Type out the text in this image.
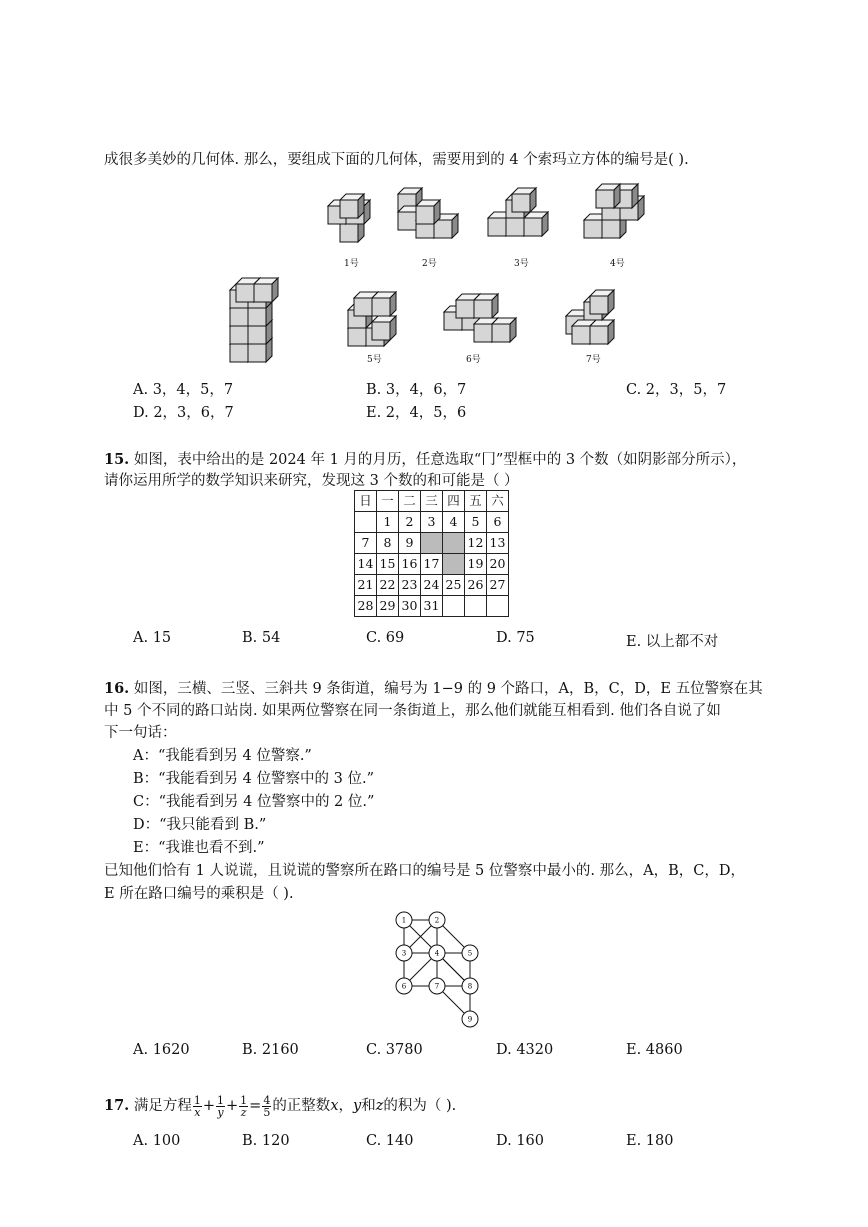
成很多美妙的几何体. 那么，要组成下面的几何体，需要用到的 4 个索玛立方体的编号是( ).
1号	2号	3号	4号
5号	6号	7号
A. 3，4，5，7	B. 3，4，6，7	C. 2，3，5，7
D. 2，3，6，7	E. 2，4，5，6
15. 如图，表中给出的是 2024 年 1 月的月历，任意选取“冂”型框中的 3 个数（如阴影部分所示），
请你运用所学的数学知识来研究，发现这 3 个数的和可能是（ ）
日	一	二	三	四	五	六
	1	2	3	4	5	6
7	8	9			12	13
14	15	16	17		19	20
21	22	23	24	25	26	27
28	29	30	31			
A. 15	B. 54	C. 69	D. 75	E. 以上都不对
16. 如图，三横、三竖、三斜共 9 条街道，编号为 1−9 的 9 个路口，A，B，C，D，E 五位警察在其
中 5 个不同的路口站岗. 如果两位警察在同一条街道上，那么他们就能互相看到. 他们各自说了如
下一句话：
A：“我能看到另 4 位警察.”
B：“我能看到另 4 位警察中的 3 位.”
C：“我能看到另 4 位警察中的 2 位.”
D：“我只能看到 B.”
E：“我谁也看不到.”
已知他们恰有 1 人说谎，且说谎的警察所在路口的编号是 5 位警察中最小的. 那么，A，B，C，D，
E 所在路口编号的乘积是（ ).
1	2
3	4	5
6	7	8
9
A. 1620	B. 2160	C. 3780	D. 4320	E. 4860
17. 满足方程 $\frac{1}{x} + \frac{1}{y} + \frac{1}{z} = \frac{4}{5}$ 的正整数x，y和z的积为（ ).
A. 100	B. 120	C. 140	D. 160	E. 180
